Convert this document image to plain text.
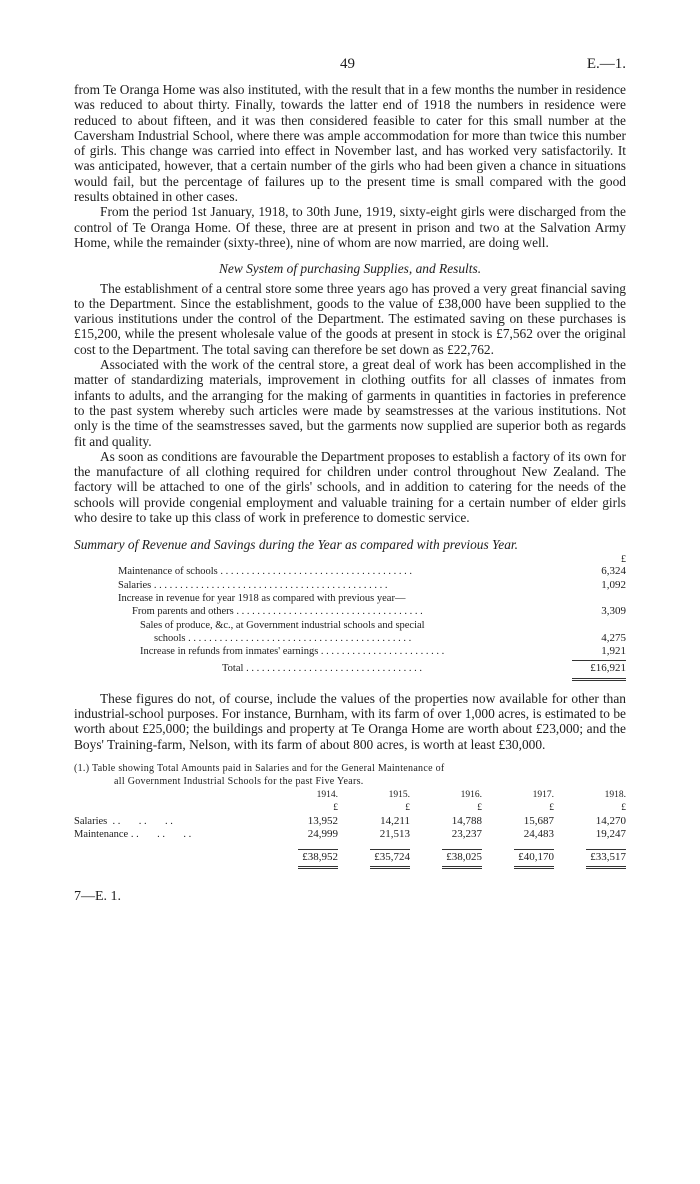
49	E.—1.

from Te Oranga Home was also instituted, with the result that in a few months the number in residence was reduced to about thirty. Finally, towards the latter end of 1918 the numbers in residence were reduced to about fifteen, and it was then considered feasible to cater for this small number at the Caversham Industrial School, where there was ample accommodation for more than twice this number of girls. This change was carried into effect in November last, and has worked very satisfactorily. It was anticipated, however, that a certain number of the girls who had been given a chance in situations would fail, but the percentage of failures up to the present time is small compared with the good results obtained in other cases.

From the period 1st January, 1918, to 30th June, 1919, sixty-eight girls were discharged from the control of Te Oranga Home. Of these, three are at present in prison and two at the Salvation Army Home, while the remainder (sixty-three), nine of whom are now married, are doing well.

New System of purchasing Supplies, and Results.

The establishment of a central store some three years ago has proved a very great financial saving to the Department. Since the establishment, goods to the value of £38,000 have been supplied to the various institutions under the control of the Department. The estimated saving on these purchases is £15,200, while the present wholesale value of the goods at present in stock is £7,562 over the original cost to the Department. The total saving can therefore be set down as £22,762.

Associated with the work of the central store, a great deal of work has been accomplished in the matter of standardizing materials, improvement in clothing outfits for all classes of inmates from infants to adults, and the arranging for the making of garments in quantities in factories in preference to the past system whereby such articles were made by seamstresses at the various institutions. Not only is the time of the seamstresses saved, but the garments now supplied are superior both as regards fit and quality.

As soon as conditions are favourable the Department proposes to establish a factory of its own for the manufacture of all clothing required for children under control throughout New Zealand. The factory will be attached to one of the girls' schools, and in addition to catering for the needs of the schools will provide congenial employment and valuable training for a certain number of elder girls who desire to take up this class of work in preference to domestic service.

Summary of Revenue and Savings during the Year as compared with previous Year.
£
Maintenance of schools . . . . . . . . . . . . . . . . . . . . . . . . . . . . . . . . . . . . .	6,324
Salaries . . . . . . . . . . . . . . . . . . . . . . . . . . . . . . . . . . . . . . . . . . . . .	1,092
Increase in revenue for year 1918 as compared with previous year—
From parents and others . . . . . . . . . . . . . . . . . . . . . . . . . . . . . . . . . . . .	3,309
Sales of produce, &c., at Government industrial schools and special
schools . . . . . . . . . . . . . . . . . . . . . . . . . . . . . . . . . . . . . . . . . . .	4,275
Increase in refunds from inmates' earnings . . . . . . . . . . . . . . . . . . . . . . . .	1,921
Total . . . . . . . . . . . . . . . . . . . . . . . . . . . . . . . . . .	£16,921

These figures do not, of course, include the values of the properties now available for other than industrial-school purposes. For instance, Burnham, with its farm of over 1,000 acres, is estimated to be worth about £25,000; the buildings and property at Te Oranga Home are worth about £23,000; and the Boys' Training-farm, Nelson, with its farm of about 800 acres, is worth at least £30,000.

(1.) Table showing Total Amounts paid in Salaries and for the General Maintenance of
all Government Industrial Schools for the past Five Years.
	1914.	1915.	1916.	1917.	1918.
	£	£	£	£	£
Salaries  . .       . .       . .	13,952	14,211	14,788	15,687	14,270
Maintenance . .       . .       . .	24,999	21,513	23,237	24,483	19,247
	£38,952	£35,724	£38,025	£40,170	£33,517
7—E. 1.
